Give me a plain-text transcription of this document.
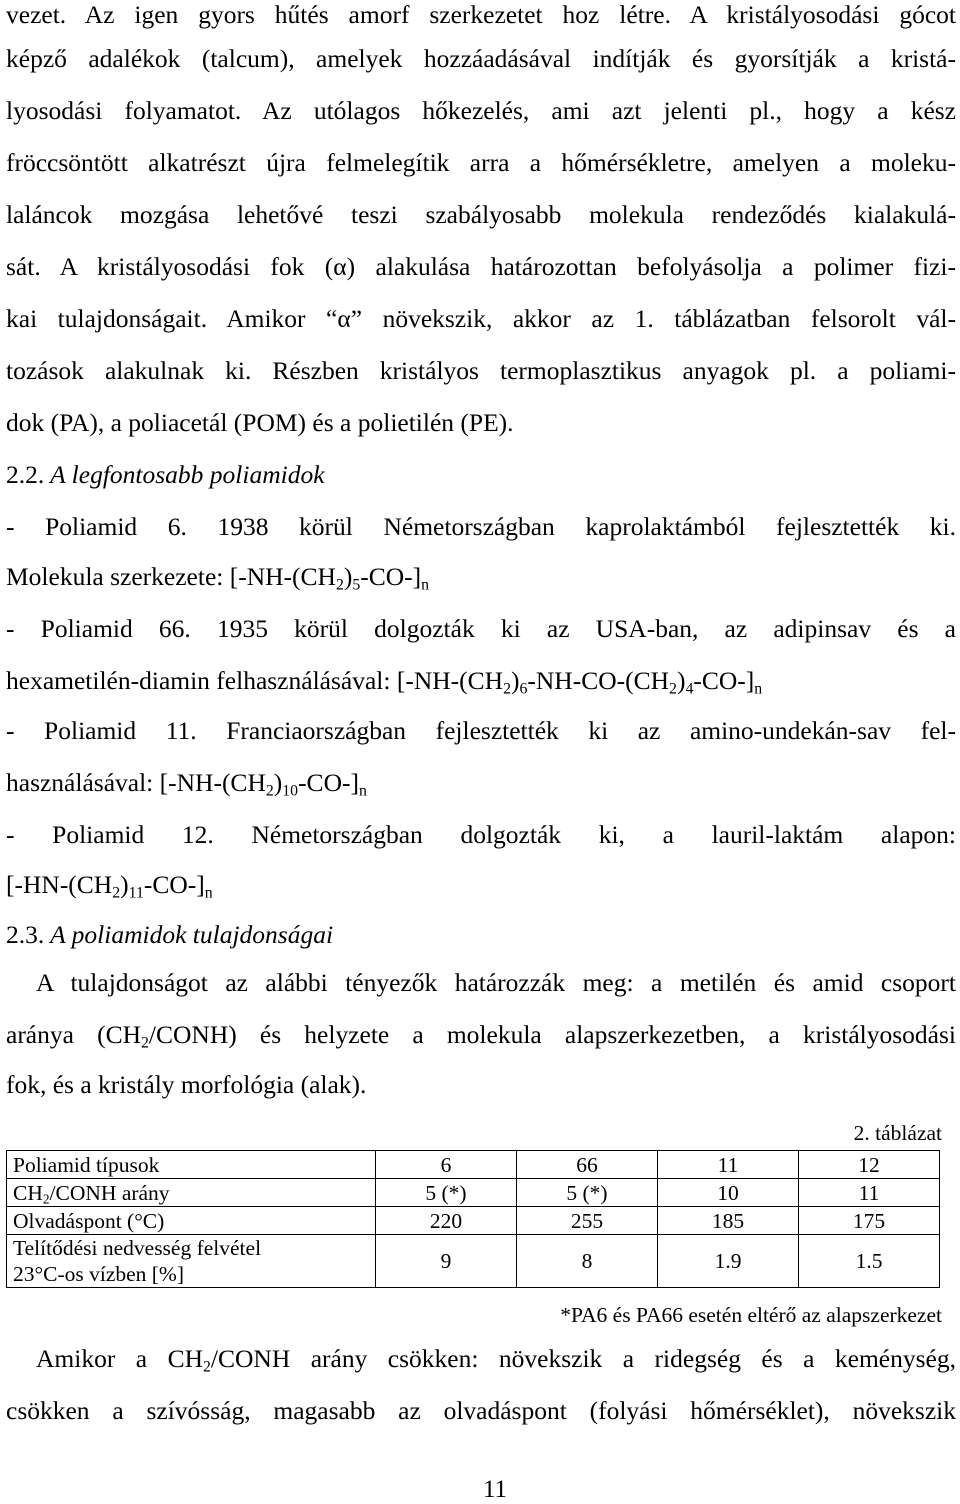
vezet. Az igen gyors hűtés amorf szerkezetet hoz létre. A kristályosodási gócot
képző adalékok (talcum), amelyek hozzáadásával indítják és gyorsítják a kristá-
lyosodási folyamatot. Az utólagos hőkezelés, ami azt jelenti pl., hogy a kész
fröccsöntött alkatrészt újra felmelegítik arra a hőmérsékletre, amelyen a moleku-
laláncok mozgása lehetővé teszi szabályosabb molekula rendeződés kialakulá-
sát. A kristályosodási fok (α) alakulása határozottan befolyásolja a polimer fizi-
kai tulajdonságait. Amikor “α” növekszik, akkor az 1. táblázatban felsorolt vál-
tozások alakulnak ki. Részben kristályos termoplasztikus anyagok pl. a poliami-
dok (PA), a poliacetál (POM) és a polietilén (PE).
2.2. A legfontosabb poliamidok
- Poliamid 6. 1938 körül Németországban kaprolaktámból fejlesztették ki.
Molekula szerkezete: $[-NH-(CH_2)_5-CO-]_n$
- Poliamid 66. 1935 körül dolgozták ki az USA-ban, az adipinsav és a
hexametilén-diamin felhasználásával: $[-NH-(CH_2)_6-NH-CO-(CH_2)_4-CO-]_n$
- Poliamid 11. Franciaországban fejlesztették ki az amino-undekán-sav fel-
használásával: $[-NH-(CH_2)_{10}-CO-]_n$
- Poliamid 12. Németországban dolgozták ki, a lauril-laktám alapon:
$[-HN-(CH_2)_{11}-CO-]_n$
2.3. A poliamidok tulajdonságai
A tulajdonságot az alábbi tényezők határozzák meg: a metilén és amid csoport
aránya $(CH_2/CONH)$ és helyzete a molekula alapszerkezetben, a kristályosodási
fok, és a kristály morfológia (alak).
2. táblázat
Poliamid típusok	6	66	11	12
$CH_2$/CONH arány	5 (*)	5 (*)	10	11
Olvadáspont (°C)	220	255	185	175

Telítődési nedvesség felvétel
23°C-os vízben [%]	9	8	1.9	1.5
*PA6 és PA66 esetén eltérő az alapszerkezet
Amikor a $CH_2$/CONH arány csökken: növekszik a ridegség és a keménység,
csökken a szívósság, magasabb az olvadáspont (folyási hőmérséklet), növekszik
11
